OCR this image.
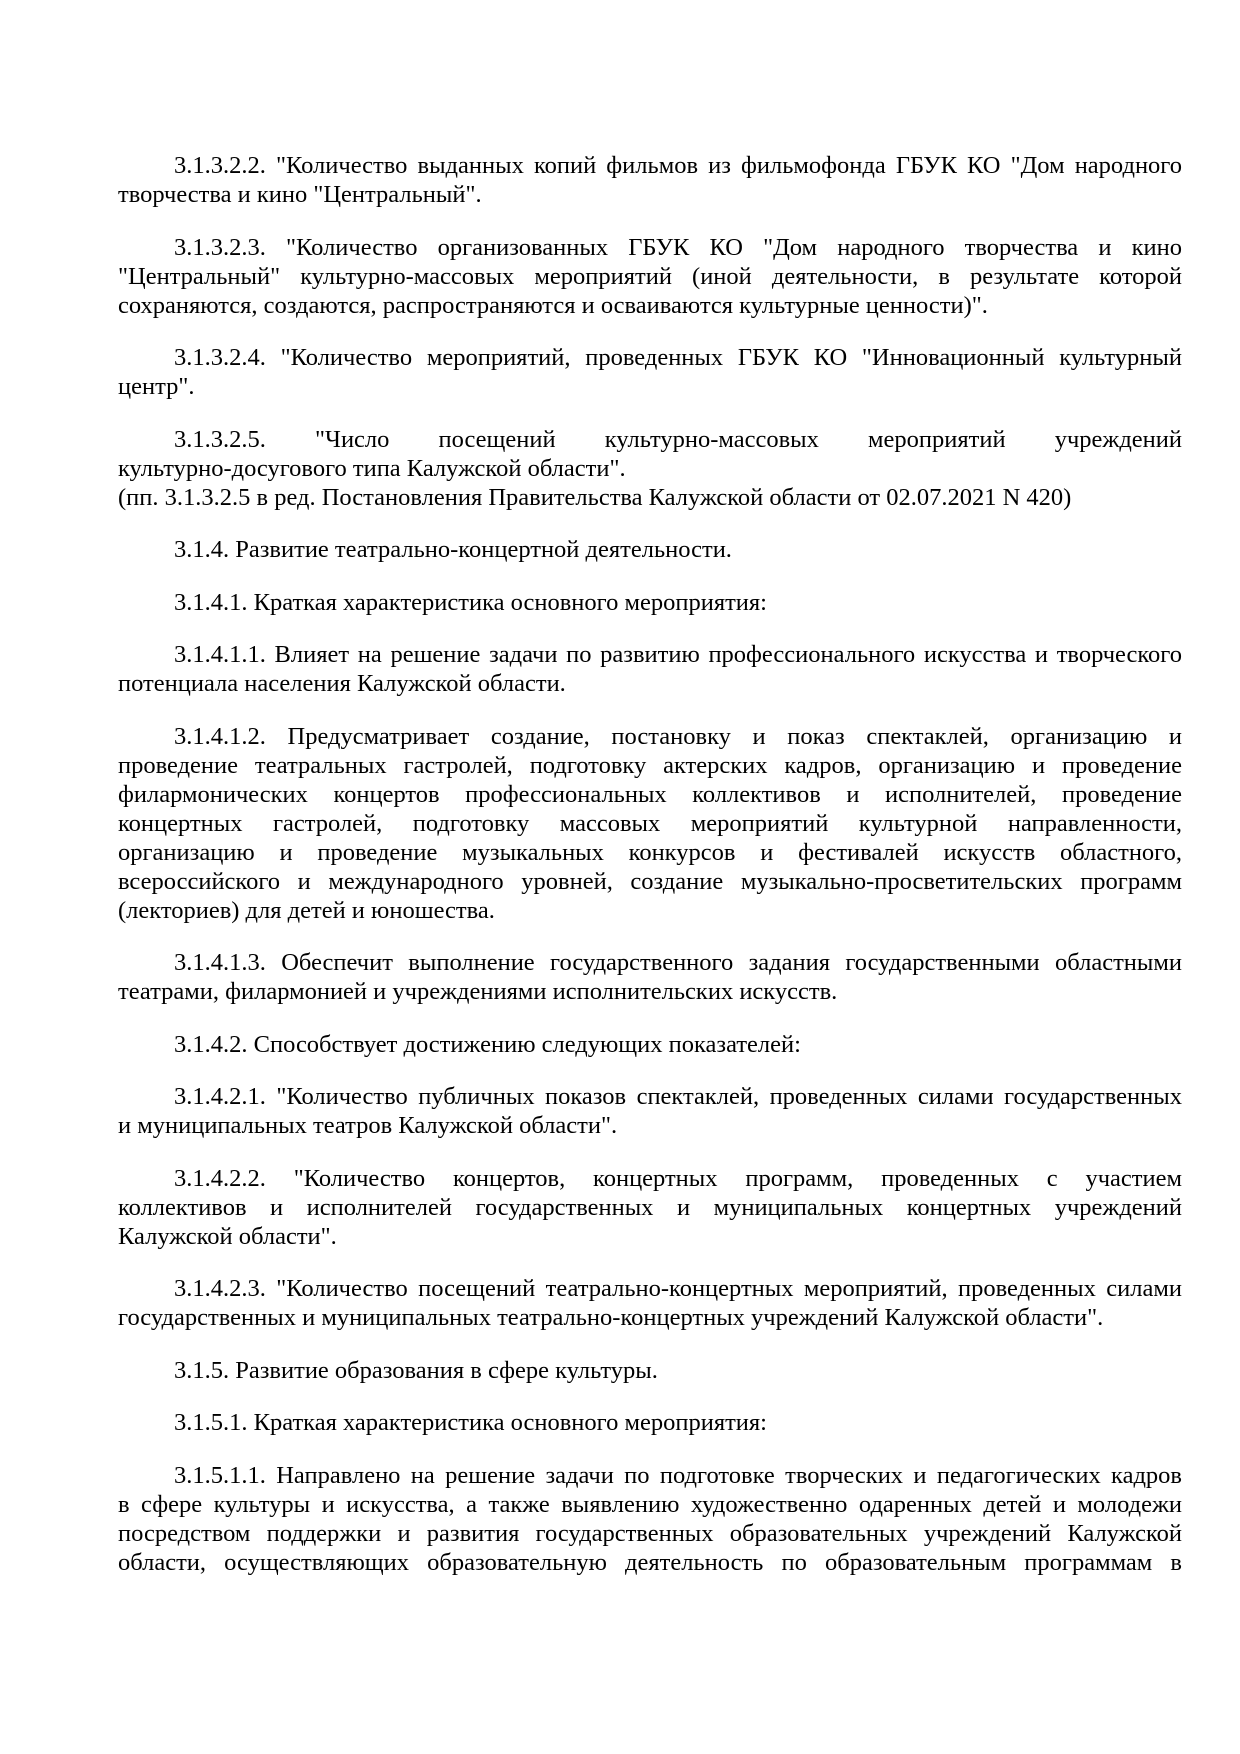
3.1.3.2.2. "Количество выданных копий фильмов из фильмофонда ГБУК КО "Дом народного
творчества и кино "Центральный".
3.1.3.2.3. "Количество организованных ГБУК КО "Дом народного творчества и кино
"Центральный" культурно-массовых мероприятий (иной деятельности, в результате которой
сохраняются, создаются, распространяются и осваиваются культурные ценности)".
3.1.3.2.4. "Количество мероприятий, проведенных ГБУК КО "Инновационный культурный
центр".
3.1.3.2.5. "Число посещений культурно-массовых мероприятий учреждений
культурно-досугового типа Калужской области".
(пп. 3.1.3.2.5 в ред. Постановления Правительства Калужской области от 02.07.2021 N 420)
3.1.4. Развитие театрально-концертной деятельности.
3.1.4.1. Краткая характеристика основного мероприятия:
3.1.4.1.1. Влияет на решение задачи по развитию профессионального искусства и творческого
потенциала населения Калужской области.
3.1.4.1.2. Предусматривает создание, постановку и показ спектаклей, организацию и
проведение театральных гастролей, подготовку актерских кадров, организацию и проведение
филармонических концертов профессиональных коллективов и исполнителей, проведение
концертных гастролей, подготовку массовых мероприятий культурной направленности,
организацию и проведение музыкальных конкурсов и фестивалей искусств областного,
всероссийского и международного уровней, создание музыкально-просветительских программ
(лекториев) для детей и юношества.
3.1.4.1.3. Обеспечит выполнение государственного задания государственными областными
театрами, филармонией и учреждениями исполнительских искусств.
3.1.4.2. Способствует достижению следующих показателей:
3.1.4.2.1. "Количество публичных показов спектаклей, проведенных силами государственных
и муниципальных театров Калужской области".
3.1.4.2.2. "Количество концертов, концертных программ, проведенных с участием
коллективов и исполнителей государственных и муниципальных концертных учреждений
Калужской области".
3.1.4.2.3. "Количество посещений театрально-концертных мероприятий, проведенных силами
государственных и муниципальных театрально-концертных учреждений Калужской области".
3.1.5. Развитие образования в сфере культуры.
3.1.5.1. Краткая характеристика основного мероприятия:
3.1.5.1.1. Направлено на решение задачи по подготовке творческих и педагогических кадров
в сфере культуры и искусства, а также выявлению художественно одаренных детей и молодежи
посредством поддержки и развития государственных образовательных учреждений Калужской
области, осуществляющих образовательную деятельность по образовательным программам в
